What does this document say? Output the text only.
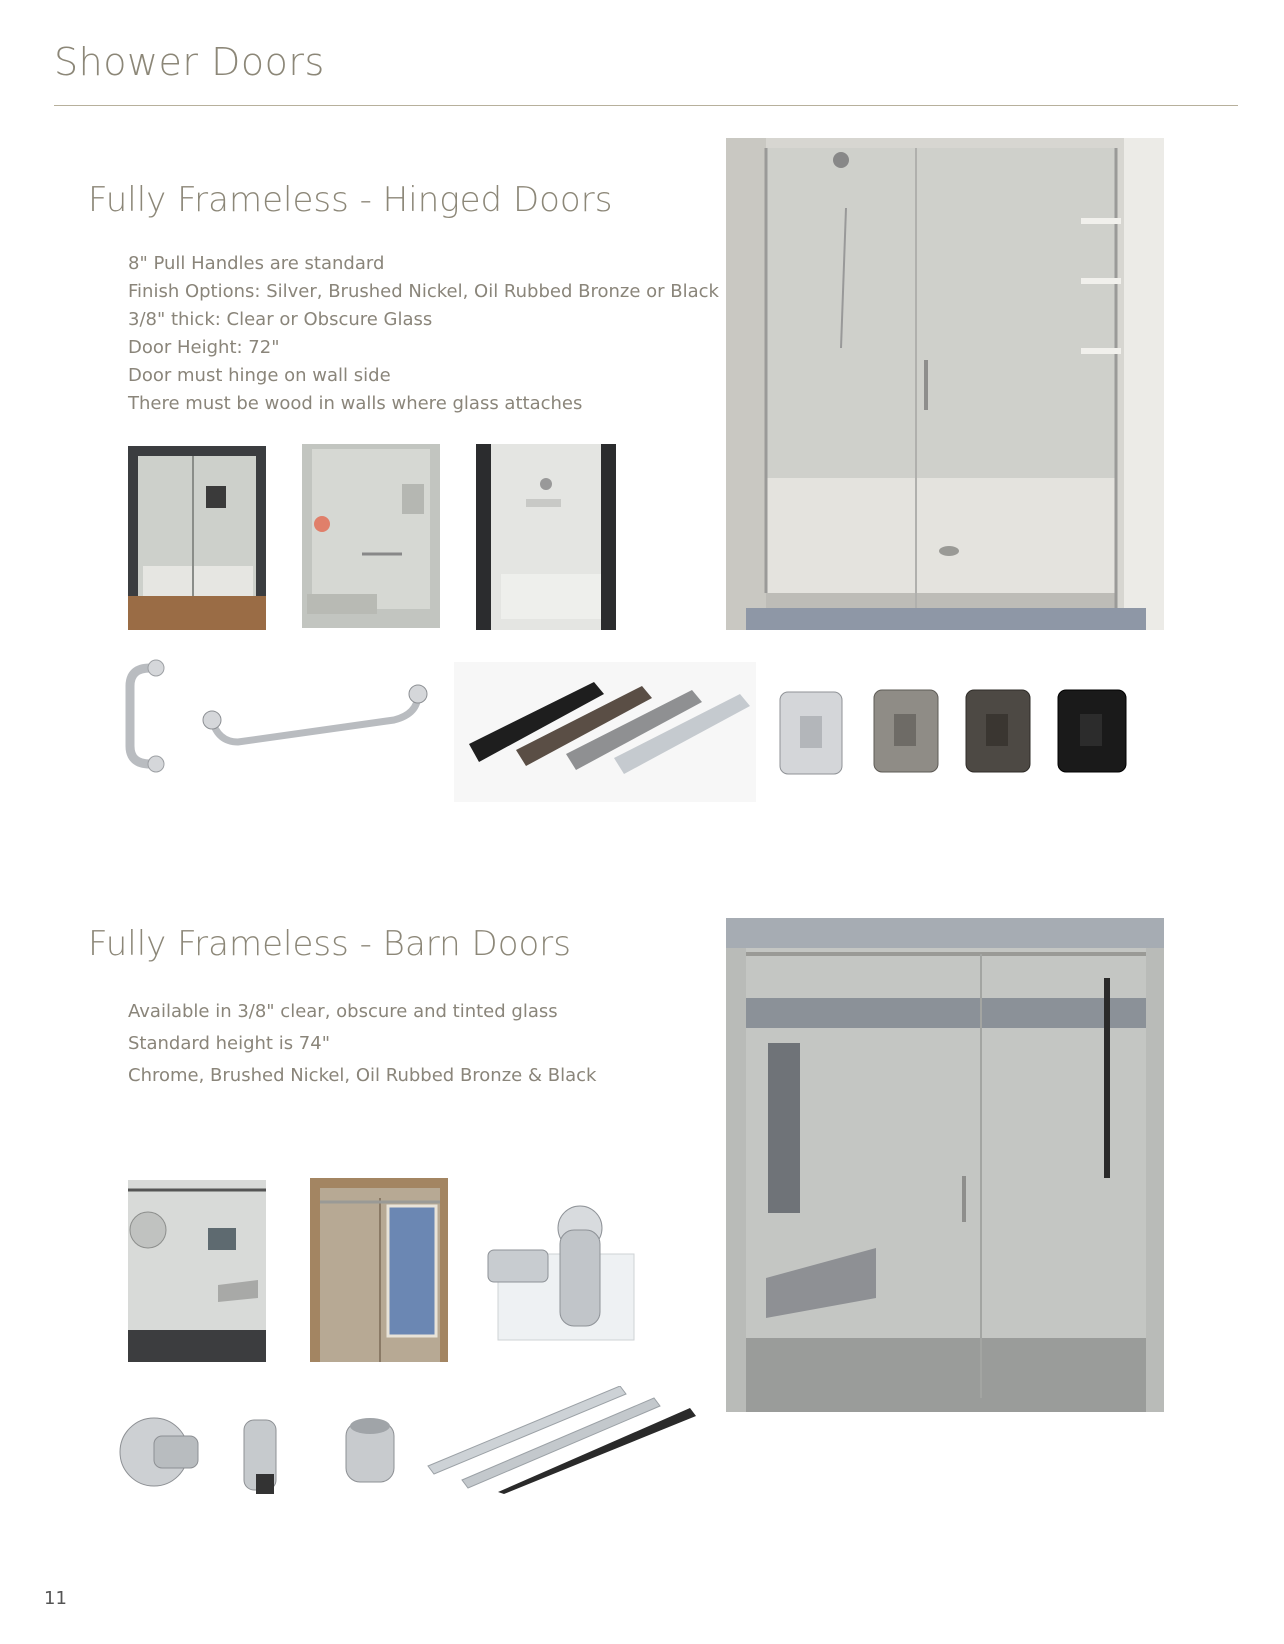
Shower Doors
Fully Frameless - Hinged Doors
8" Pull Handles are standard
Finish Options: Silver, Brushed Nickel, Oil Rubbed Bronze or Black
3/8" thick: Clear or Obscure Glass
Door Height: 72"
Door must hinge on wall side
There must be wood in walls where glass attaches
Fully Frameless - Barn Doors
Available in 3/8" clear, obscure and tinted glass
Standard height is 74"
Chrome, Brushed Nickel, Oil Rubbed Bronze & Black
11
